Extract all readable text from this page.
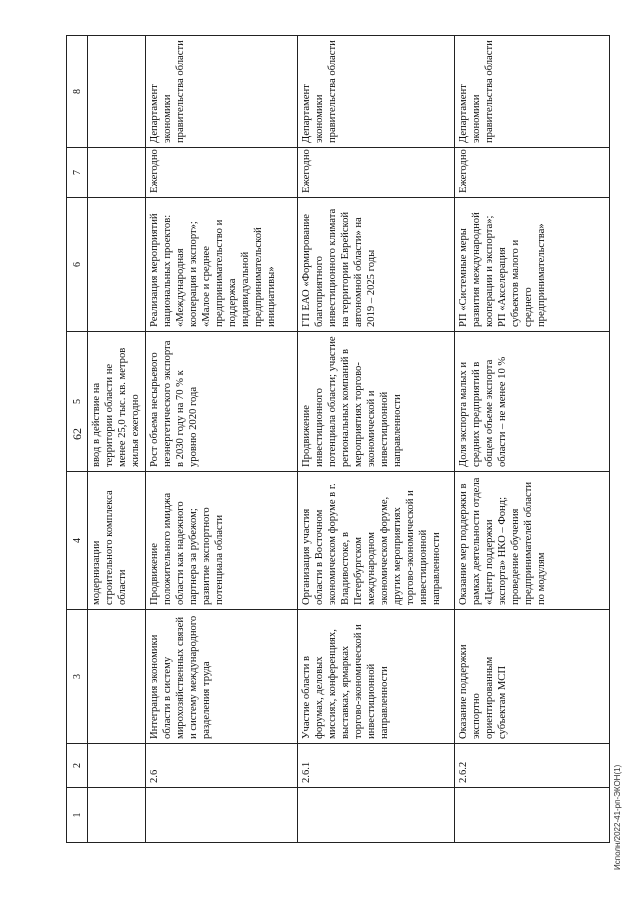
62
Исполн/2022-41-рп-ЭКОН(1)
1	2	3	4	5	6	7	8
			модернизации строительного комплекса области	ввод в действие на территории области не менее 25,0 тыс. кв. метров жилья ежегодно			
	2.6	Интеграция экономики области в систему мирохозяйственных связей и систему международного разделения труда	Продвижение положительного имиджа области как надежного партнера за рубежом; развитие экспортного потенциала области	Рост объема несырьевого неэнергетического экспорта в 2030 году на 70 % к уровню 2020 года	Реализация мероприятий национальных проектов: «Международная кооперация и экспорт»; «Малое и среднее предпринимательство и поддержка индивидуальной предпринимательской инициативы»	Ежегодно	Департамент экономики правительства области
	2.6.1	Участие области в форумах, деловых миссиях, конференциях, выставках, ярмарках торгово-экономической и инвестиционной направленности	Организация участия области в Восточном экономическом форуме в г. Владивостоке, в Петербургском международном экономическом форуме, других мероприятиях торгово-экономической и инвестиционной направленности	Продвижение инвестиционного потенциала области; участие региональных компаний в мероприятиях торгово-экономической и инвестиционной направленности	ГП ЕАО «Формирование благоприятного инвестиционного климата на территории Еврейской автономной области» на 2019 – 2025 годы	Ежегодно	Департамент экономики правительства области
	2.6.2	Оказание поддержки экспортно ориентированным субъектам МСП	Оказание мер поддержки в рамках деятельности отдела «Центр поддержки экспорта» НКО – Фонд; проведение обучения предпринимателей области по модулям	Доля экспорта малых и средних предприятий в общем объеме экспорта области – не менее 10 %	РП «Системные меры развития международной кооперации и экспорта»; РП «Акселерация субъектов малого и среднего предпринимательства»	Ежегодно	Департамент экономики правительства области
